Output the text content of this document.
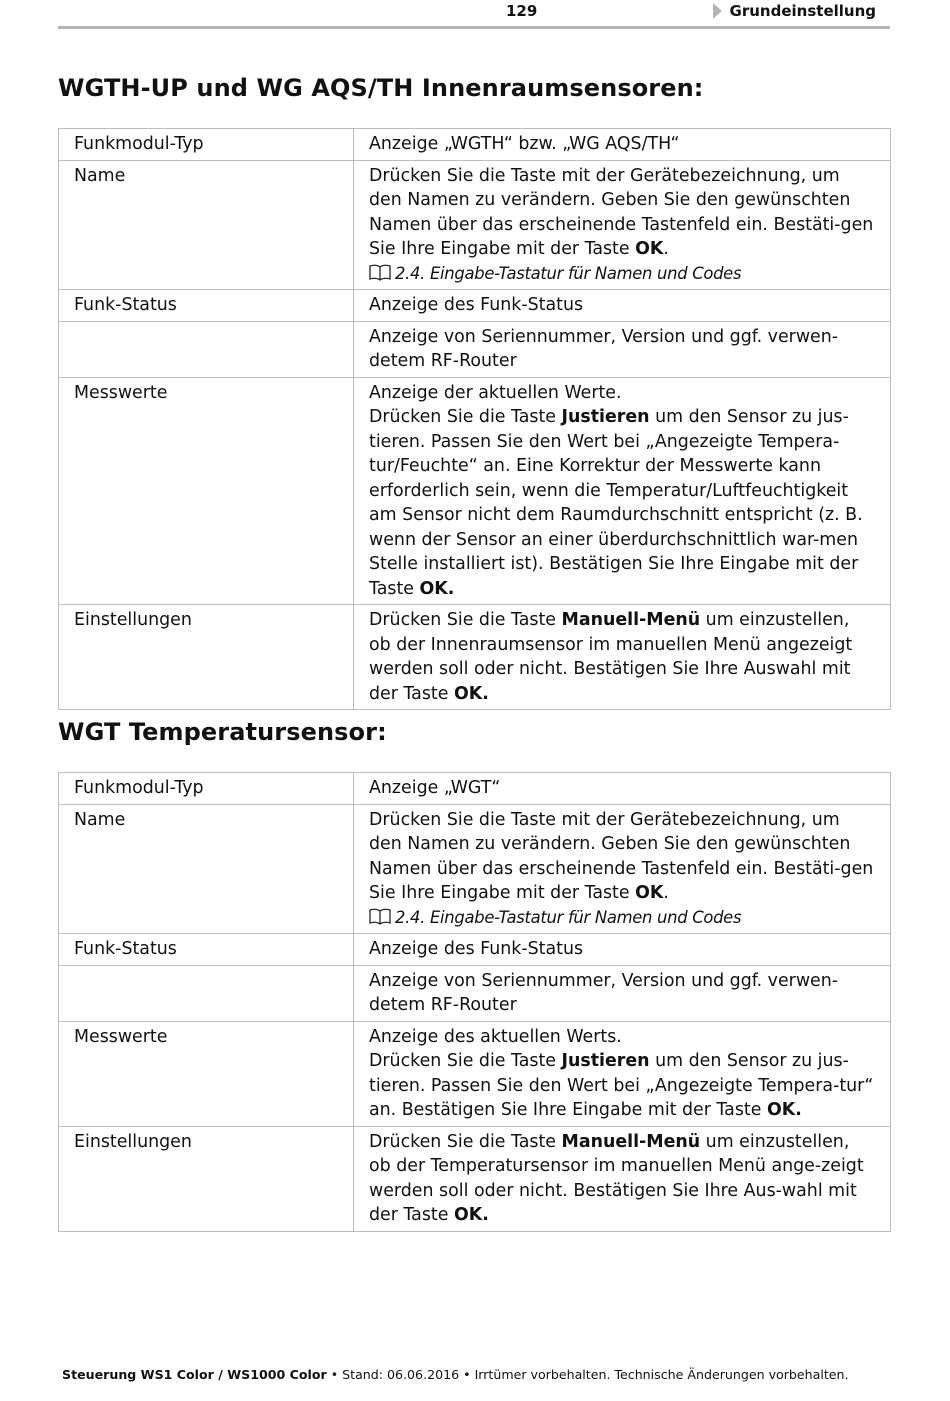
129	Grundeinstellung
WGTH-UP und WG AQS/TH Innenraumsensoren:
Funkmodul-Typ	Anzeige „WGTH“ bzw. „WG AQS/TH“
Name	Drücken Sie die Taste mit der Gerätebezeichnung, um den Namen zu verändern. Geben Sie den gewünschten Namen über das erscheinende Tastenfeld ein. Bestäti-gen Sie Ihre Eingabe mit der Taste OK.
2.4. Eingabe-Tastatur für Namen und Codes
Funk-Status	Anzeige des Funk-Status
	Anzeige von Seriennummer, Version und ggf. verwen-detem RF-Router
Messwerte	Anzeige der aktuellen Werte.
Drücken Sie die Taste Justieren um den Sensor zu jus-tieren. Passen Sie den Wert bei „Angezeigte Tempera-tur/Feuchte“ an. Eine Korrektur der Messwerte kann erforderlich sein, wenn die Temperatur/Luftfeuchtigkeit am Sensor nicht dem Raumdurchschnitt entspricht (z. B. wenn der Sensor an einer überdurchschnittlich war-men Stelle installiert ist). Bestätigen Sie Ihre Eingabe mit der Taste OK.
Einstellungen	Drücken Sie die Taste Manuell-Menü um einzustellen, ob der Innenraumsensor im manuellen Menü angezeigt werden soll oder nicht. Bestätigen Sie Ihre Auswahl mit der Taste OK.
WGT Temperatursensor:
Funkmodul-Typ	Anzeige „WGT“
Name	Drücken Sie die Taste mit der Gerätebezeichnung, um den Namen zu verändern. Geben Sie den gewünschten Namen über das erscheinende Tastenfeld ein. Bestäti-gen Sie Ihre Eingabe mit der Taste OK.
2.4. Eingabe-Tastatur für Namen und Codes
Funk-Status	Anzeige des Funk-Status
	Anzeige von Seriennummer, Version und ggf. verwen-detem RF-Router
Messwerte	Anzeige des aktuellen Werts.
Drücken Sie die Taste Justieren um den Sensor zu jus-tieren. Passen Sie den Wert bei „Angezeigte Tempera-tur“ an. Bestätigen Sie Ihre Eingabe mit der Taste OK.
Einstellungen	Drücken Sie die Taste Manuell-Menü um einzustellen, ob der Temperatursensor im manuellen Menü ange-zeigt werden soll oder nicht. Bestätigen Sie Ihre Aus-wahl mit der Taste OK.
Steuerung WS1 Color / WS1000 Color • Stand: 06.06.2016 • Irrtümer vorbehalten. Technische Änderungen vorbehalten.
